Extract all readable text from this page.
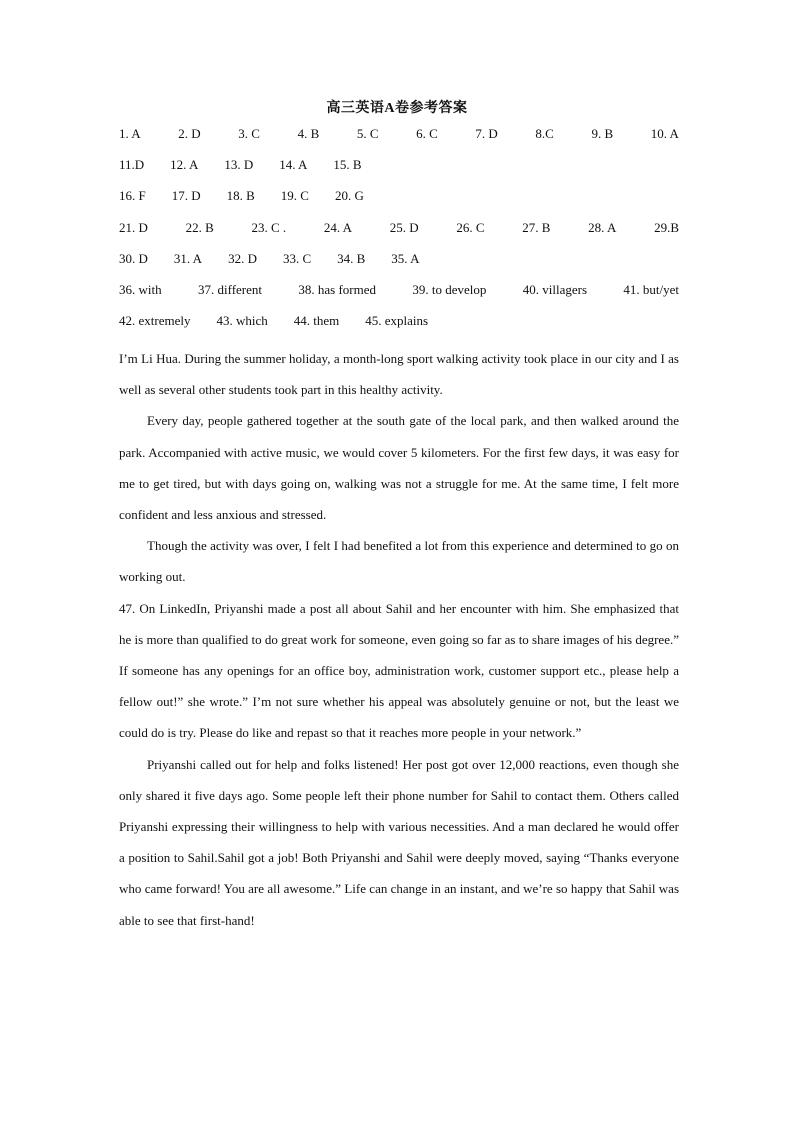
高三英语A卷参考答案
1. A	2. D	3. C	4. B	5. C	6. C	7. D	8.C	9. B	10. A
11.D 12. A 13. D 14. A 15. B
16. F 17. D 18. B 19. C 20. G
21. D	22. B	23. C .	24. A	25. D	26. C	27. B	28. A	29.B
30. D 31. A 32. D 33. C 34. B 35. A
36. with	37. different	38. has formed	39. to develop	40. villagers	41. but/yet
42. extremely 43. which 44. them 45. explains

I’m Li Hua. During the summer holiday, a month-long sport walking activity took place in our city and I as well as several other students took part in this healthy activity.

Every day, people gathered together at the south gate of the local park, and then walked around the park. Accompanied with active music, we would cover 5 kilometers. For the first few days, it was easy for me to get tired, but with days going on, walking was not a struggle for me. At the same time, I felt more confident and less anxious and stressed.

Though the activity was over, I felt I had benefited a lot from this experience and determined to go on working out.

47. On LinkedIn, Priyanshi made a post all about Sahil and her encounter with him. She emphasized that he is more than qualified to do great work for someone, even going so far as to share images of his degree.” If someone has any openings for an office boy, administration work, customer support etc., please help a fellow out!” she wrote.” I’m not sure whether his appeal was absolutely genuine or not, but the least we could do is try. Please do like and repast so that it reaches more people in your network.”

Priyanshi called out for help and folks listened! Her post got over 12,000 reactions, even though she only shared it five days ago. Some people left their phone number for Sahil to contact them. Others called Priyanshi expressing their willingness to help with various necessities. And a man declared he would offer a position to Sahil.Sahil got a job! Both Priyanshi and Sahil were deeply moved, saying “Thanks everyone who came forward! You are all awesome.” Life can change in an instant, and we’re so happy that Sahil was able to see that first-hand!
